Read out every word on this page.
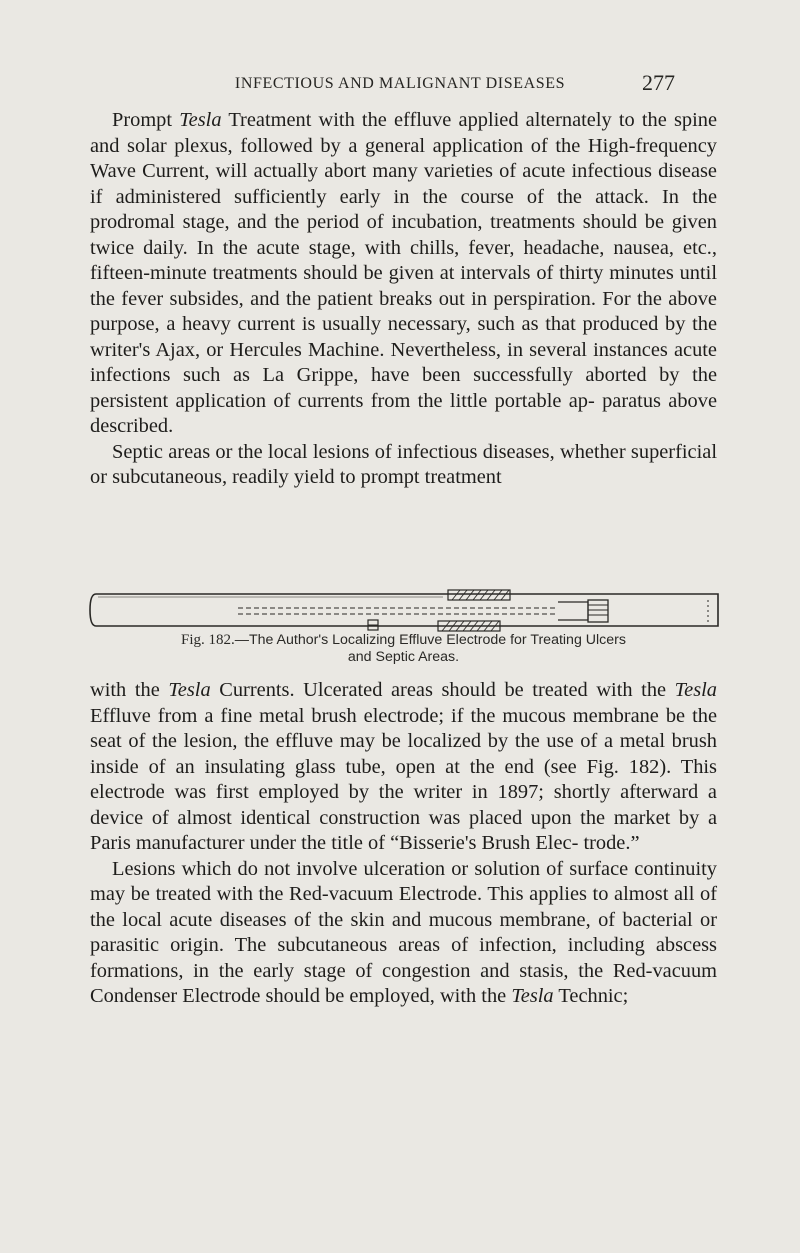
INFECTIOUS AND MALIGNANT DISEASES	277

Prompt Tesla Treatment with the effluve applied alternately to the spine and solar plexus, followed by a general application of the High-frequency Wave Current, will actually abort many varieties of acute infectious disease if administered sufficiently early in the course of the attack. In the prodromal stage, and the period of incubation, treatments should be given twice daily. In the acute stage, with chills, fever, headache, nausea, etc., fifteen-minute treatments should be given at intervals of thirty minutes until the fever subsides, and the patient breaks out in perspiration. For the above purpose, a heavy current is usually necessary, such as that produced by the writer's Ajax, or Hercules Machine. Nevertheless, in several instances acute infections such as La Grippe, have been successfully aborted by the persistent application of currents from the little portable ap- paratus above described.

Septic areas or the local lesions of infectious diseases, whether superficial or subcutaneous, readily yield to prompt treatment

Fig. 182.—The Author's Localizing Effluve Electrode for Treating Ulcers
and Septic Areas.

with the Tesla Currents. Ulcerated areas should be treated with the Tesla Effluve from a fine metal brush electrode; if the mucous membrane be the seat of the lesion, the effluve may be localized by the use of a metal brush inside of an insulating glass tube, open at the end (see Fig. 182). This electrode was first employed by the writer in 1897; shortly afterward a device of almost identical construction was placed upon the market by a Paris manufacturer under the title of “Bisserie's Brush Elec- trode.”

Lesions which do not involve ulceration or solution of surface continuity may be treated with the Red-vacuum Electrode. This applies to almost all of the local acute diseases of the skin and mucous membrane, of bacterial or parasitic origin. The subcutaneous areas of infection, including abscess formations, in the early stage of congestion and stasis, the Red-vacuum Condenser Electrode should be employed, with the Tesla Technic;
